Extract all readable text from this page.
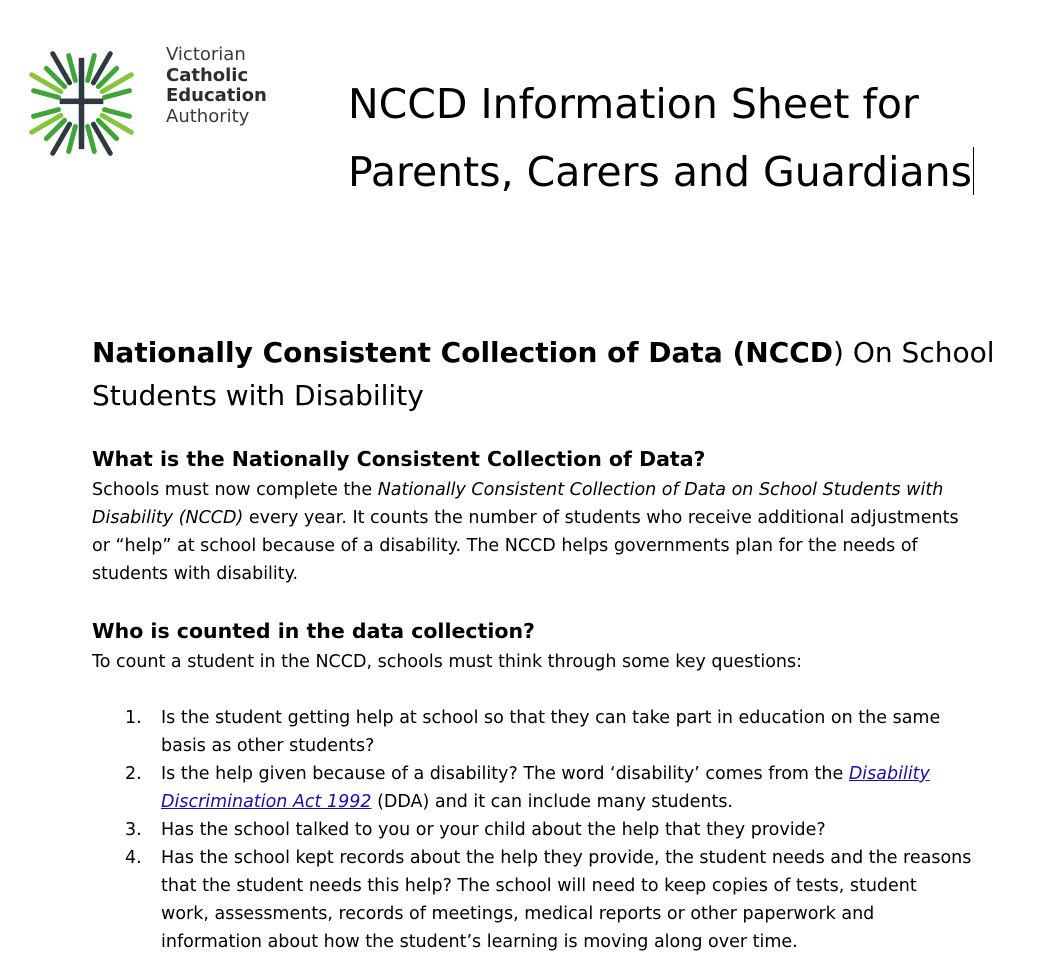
Victorian
Catholic
Education
Authority	NCCD Information Sheet for
Parents, Carers and Guardians
Nationally Consistent Collection of Data (NCCD) On School
Students with Disability
What is the Nationally Consistent Collection of Data?
Schools must now complete the Nationally Consistent Collection of Data on School Students with
Disability (NCCD) every year. It counts the number of students who receive additional adjustments
or “help” at school because of a disability. The NCCD helps governments plan for the needs of
students with disability.
Who is counted in the data collection?
To count a student in the NCCD, schools must think through some key questions:
1. Is the student getting help at school so that they can take part in education on the same
basis as other students?
2. Is the help given because of a disability? The word ‘disability’ comes from the Disability
Discrimination Act 1992 (DDA) and it can include many students.
3. Has the school talked to you or your child about the help that they provide?
4. Has the school kept records about the help they provide, the student needs and the reasons
that the student needs this help? The school will need to keep copies of tests, student
work, assessments, records of meetings, medical reports or other paperwork and
information about how the student’s learning is moving along over time.
